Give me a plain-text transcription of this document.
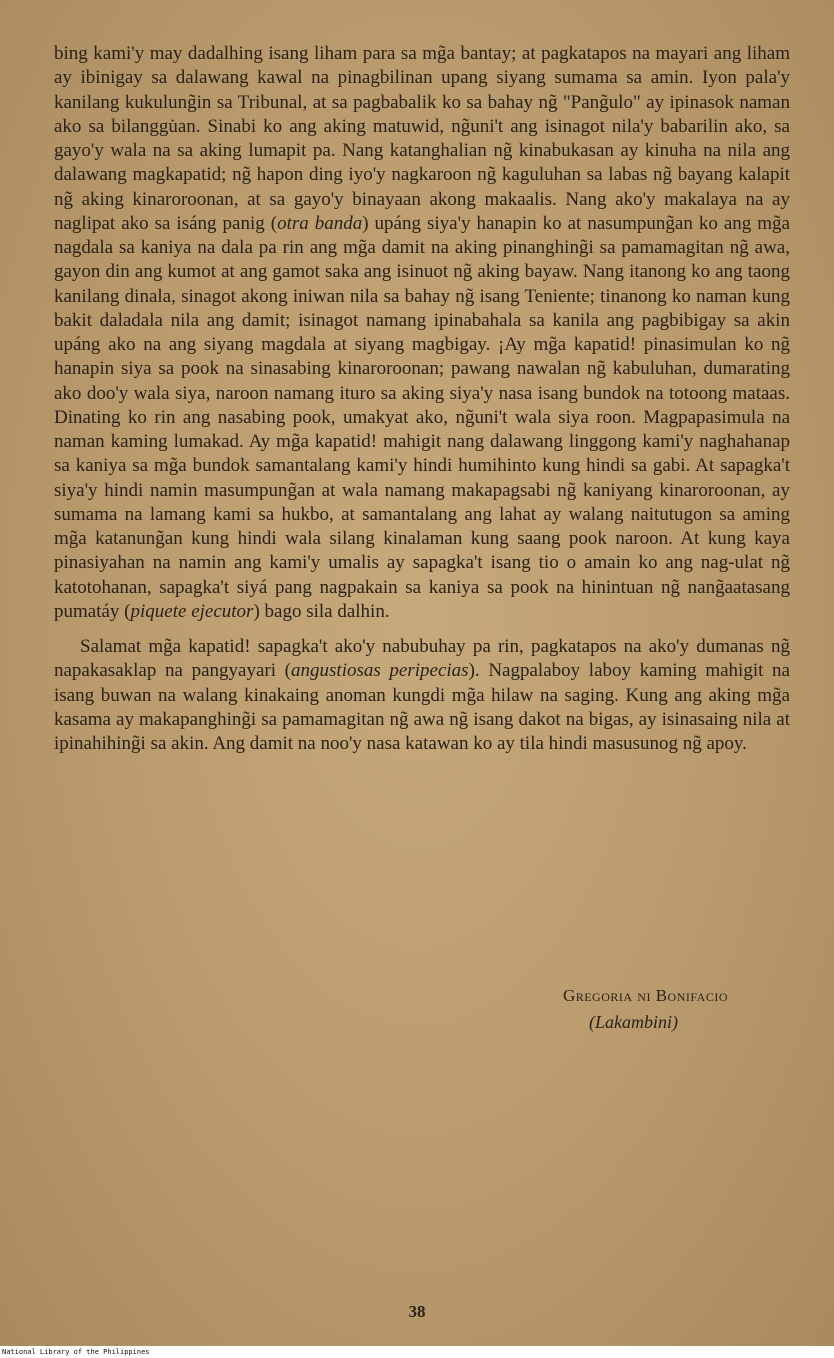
bing kami'y may dadalhing isang liham para sa mg̃a bantay; at pagkatapos na mayari ang liham ay ibinigay sa dalawang kawal na pinagbilinan upang siyang sumama sa amin. Iyon pala'y kanilang kukulung̃in sa Tribunal, at sa pagbabalik ko sa bahay ng̃ "Pang̃ulo" ay ipinasok naman ako sa bilanggu̇an. Sinabi ko ang aking matuwid, ng̃uni't ang isinagot nila'y babarilin ako, sa gayo'y wala na sa aking lumapit pa. Nang katanghalian ng̃ kinabukasan ay kinuha na nila ang dalawang magkapatid; ng̃ hapon ding iyo'y nagkaroon ng̃ kaguluhan sa labas ng̃ bayang kalapit ng̃ aking kinaroroonan, at sa gayo'y binayaan akong makaalis. Nang ako'y makalaya na ay naglipat ako sa isáng panig (otra banda) upáng siya'y hanapin ko at nasumpung̃an ko ang mg̃a nagdala sa kaniya na dala pa rin ang mg̃a damit na aking pinanghing̃i sa pamamagitan ng̃ awa, gayon din ang kumot at ang gamot saka ang isinuot ng̃ aking bayaw. Nang itanong ko ang taong kanilang dinala, sinagot akong iniwan nila sa bahay ng̃ isang Teniente; tinanong ko naman kung bakit daladala nila ang damit; isinagot namang ipinabahala sa kanila ang pagbibigay sa akin upáng ako na ang siyang magdala at siyang magbigay. ¡Ay mg̃a kapatid! pinasimulan ko ng̃ hanapin siya sa pook na sinasabing kinaroroonan; pawang nawalan ng̃ kabuluhan, dumarating ako doo'y wala siya, naroon namang ituro sa aking siya'y nasa isang bundok na totoong mataas. Dinating ko rin ang nasabing pook, umakyat ako, ng̃uni't wala siya roon. Magpapasimula na naman kaming lumakad. Ay mg̃a kapatid! mahigit nang dalawang linggong kami'y naghahanap sa kaniya sa mg̃a bundok samantalang kami'y hindi humihinto kung hindi sa gabi. At sapagka't siya'y hindi namin masumpung̃an at wala namang makapagsabi ng̃ kaniyang kinaroroonan, ay sumama na lamang kami sa hukbo, at samantalang ang lahat ay walang naitutugon sa aming mg̃a katanung̃an kung hindi wala silang kinalaman kung saang pook naroon. At kung kaya pinasiyahan na namin ang kami'y umalis ay sapagka't isang tio o amain ko ang nag-ulat ng̃ katotohanan, sapagka't siyá pang nagpakain sa kaniya sa pook na hinintuan ng̃ nang̃aatasang pumatáy (piquete ejecutor) bago sila dalhin.

Salamat mg̃a kapatid! sapagka't ako'y nabubuhay pa rin, pagkatapos na ako'y dumanas ng̃ napakasaklap na pangyayari (angustiosas peripecias). Nagpalaboy laboy kaming mahigit na isang buwan na walang kinakaing anoman kungdi mg̃a hilaw na saging. Kung ang aking mg̃a kasama ay makapanghing̃i sa pamamagitan ng̃ awa ng̃ isang dakot na bigas, ay isinasaing nila at ipinahihing̃i sa akin. Ang damit na noo'y nasa katawan ko ay tila hindi masusunog ng̃ apoy.

Gregoria ni Bonifacio
(Lakambini)
38
National Library of the Philippines
